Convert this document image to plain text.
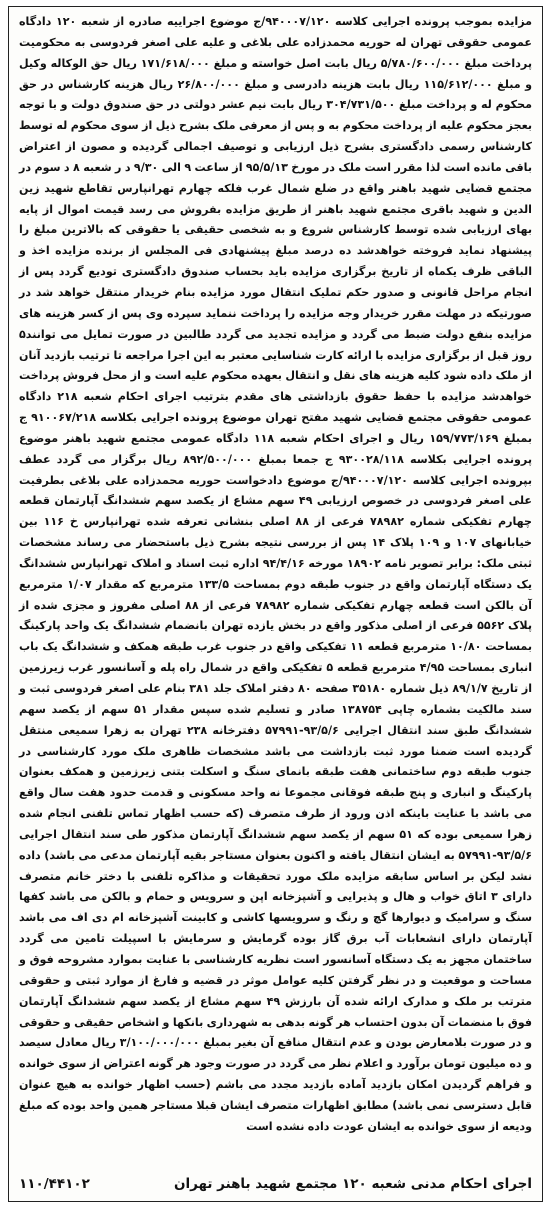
مزایده بموجب پرونده اجرایی کلاسه ۹۴۰۰۰۷/۱۲۰/ج موضوع اجراییه صادره از شعبه ۱۲۰ دادگاه عمومی حقوقی تهران له حوریه محمدزاده علی بلاغی و علیه علی اصغر فردوسی به محکومیت پرداخت مبلغ ۵/۷۸۰/۶۰۰/۰۰۰ ریال بابت اصل خواسته و مبلغ ۱۷۱/۶۱۸/۰۰۰ ریال حق الوکاله وکیل و مبلغ ۱۱۵/۶۱۲/۰۰۰ ریال بابت هزینه دادرسی و مبلغ ۲۶/۸۰۰/۰۰۰ ریال هزینه کارشناس در حق محکوم له و پرداخت مبلغ ۳۰۴/۷۳۱/۵۰۰ ریال بابت نیم عشر دولتی در حق صندوق دولت و با توجه بعجز محکوم علیه از پرداخت محکوم به و پس از معرفی ملک بشرح ذیل از سوی محکوم له توسط کارشناس رسمی دادگستری بشرح ذیل ارزیابی و توصیف اجمالی گردیده و مصون از اعتراض باقی مانده است لذا مقرر است ملک در مورخ ۹۵/۵/۱۳ از ساعت ۹ الی ۹/۳۰ د ر شعبه ۸ د سوم در مجتمع قضایی شهید باهنر واقع در ضلع شمال غرب فلکه چهارم تهرانپارس تقاطع شهید زین الدین و شهید باقری مجتمع شهید باهنر از طریق مزایده بفروش می رسد قیمت اموال از پایه بهای ارزیابی شده توسط کارشناس شروع و به شخصی حقیقی یا حقوقی که بالاترین مبلغ را پیشنهاد نماید فروخته خواهدشد ده درصد مبلغ پیشنهادی فی المجلس از برنده مزایده اخذ و الباقی ظرف یکماه از تاریخ برگزاری مزایده باید بحساب صندوق دادگستری تودیع گردد پس از انجام مراحل قانونی و صدور حکم تملیک انتقال مورد مزایده بنام خریدار منتقل خواهد شد در صورتیکه در مهلت مقرر خریدار وجه مزایده را پرداخت ننماید سپرده وی پس از کسر هزینه های مزایده بنفع دولت ضبط می گردد و مزایده تجدید می گردد طالبین در صورت تمایل می توانند۵ روز قبل از برگزاری مزایده با ارائه کارت شناسایی معتبر به این اجرا مراجعه تا ترتیب بازدید آنان از ملک داده شود کلیه هزینه های نقل و انتقال بعهده محکوم علیه است و از محل فروش پرداخت خواهدشد مزایده با حفظ حقوق بازداشتی های مقدم بترتیب اجرای احکام شعبه ۲۱۸ دادگاه عمومی حقوقی مجتمع قضایی شهید مفتح تهران موضوع پرونده اجرایی بکلاسه ۹۱۰۰۶۷/۲۱۸ ج بمبلغ ۱۵۹/۷۷۳/۱۶۹ ریال و اجرای احکام شعبه ۱۱۸ دادگاه عمومی مجتمع شهید باهنر موضوع پرونده اجرایی بکلاسه ۹۳۰۰۲۸/۱۱۸ ج جمعا بمبلغ ۸۹۲/۵۰۰/۰۰۰ ریال برگزار می گردد عطف بپرونده اجرایی کلاسه ۹۴۰۰۰۷/۱۲۰/ج موضوع دادخواست حوریه محمدزاده علی بلاغی بطرفیت علی اصغر فردوسی در خصوص ارزیابی ۴۹ سهم مشاع از یکصد سهم ششدانگ آپارتمان قطعه چهارم تفکیکی شماره ۷۸۹۸۲ فرعی از ۸۸ اصلی بنشانی تعرفه شده تهرانپارس خ ۱۱۶ بین خیابانهای ۱۰۷ و ۱۰۹ پلاک ۱۴ پس از بررسی نتیجه بشرح ذیل باستحضار می رساند مشخصات ثبتی ملک: برابر تصویر نامه ۱۸۹۰۲ مورخه ۹۴/۴/۱۶ اداره ثبت اسناد و املاک تهرانپارس ششدانگ یک دستگاه آپارتمان واقع در جنوب طبقه دوم بمساحت ۱۳۳/۵ مترمربع که مقدار ۱/۰۷ مترمربع آن بالکن است قطعه چهارم تفکیکی شماره ۷۸۹۸۲ فرعی از ۸۸ اصلی مفروز و مجزی شده از پلاک ۵۵۶۲ فرعی از اصلی مذکور واقع در بخش یازده تهران بانضمام ششدانگ یک واحد پارکینگ بمساحت ۱۰/۸۰ مترمربع قطعه ۱۱ تفکیکی واقع در جنوب غرب طبقه همکف و ششدانگ یک باب انباری بمساحت ۴/۹۵ مترمربع قطعه ۵ تفکیکی واقع در شمال راه پله و آسانسور غرب زیرزمین از تاریخ ۸۹/۱/۷ ذیل شماره ۳۵۱۸۰ صفحه ۸۰ دفتر املاک جلد ۳۸۱ بنام علی اصغر فردوسی ثبت و سند مالکیت بشماره چاپی ۱۳۸۷۵۴ صادر و تسلیم شده سپس مقدار ۵۱ سهم از یکصد سهم ششدانگ طبق سند انتقال اجرایی ۹۳/۵/۶-۵۷۹۹۱ دفترخانه ۲۳۸ تهران به زهرا سمیعی منتقل گردیده است ضمنا مورد ثبت بازداشت می باشد مشخصات ظاهری ملک مورد کارشناسی در جنوب طبقه دوم ساختمانی هفت طبقه بانمای سنگ و اسکلت بتنی زیرزمین و همکف بعنوان پارکینگ و انباری و پنج طبقه فوقانی مجموعا نه واحد مسکونی و قدمت حدود هفت سال واقع می باشد با عنایت باینکه اذن ورود از طرف متصرف (که حسب اظهار تماس تلفنی انجام شده زهرا سمیعی بوده که ۵۱ سهم از یکصد سهم ششدانگ آپارتمان مذکور طی سند انتقال اجرایی ۹۳/۵/۶-۵۷۹۹۱ به ایشان انتقال یافته و اکنون بعنوان مستاجر بقیه آپارتمان مدعی می باشد) داده نشد لیکن بر اساس سابقه مزایده ملک مورد تحقیقات و مذاکره تلفنی با دختر خانم متصرف دارای ۳ اتاق خواب و هال و پذیرایی و آشپزخانه اپن و سرویس و حمام و بالکن می باشد کفها سنگ و سرامیک و دیوارها گچ و رنگ و سرویسها کاشی و کابینت آشپزخانه ام دی اف می باشد آپارتمان دارای انشعابات آب برق گاز بوده گرمایش و سرمایش با اسپیلت تامین می گردد ساختمان مجهز به یک دستگاه آسانسور است نظریه کارشناسی با عنایت بموارد مشروحه فوق و مساحت و موقعیت و در نظر گرفتن کلیه عوامل موثر در قضیه و فارغ از موارد ثبتی و حقوقی مترتب بر ملک و مدارک ارائه شده آن بارزش ۴۹ سهم مشاع از یکصد سهم ششدانگ آپارتمان فوق با منضمات آن بدون احتساب هر گونه بدهی به شهرداری بانکها و اشخاص حقیقی و حقوقی و در صورت بلامعارض بودن و عدم انتقال منافع آن بغیر بمبلغ ۳/۱۰۰/۰۰۰/۰۰۰ ریال معادل سیصد و ده میلیون تومان برآورد و اعلام نظر می گردد در صورت وجود هر گونه اعتراض از سوی خوانده و فراهم گردیدن امکان بازدید آماده بازدید مجدد می باشم (حسب اظهار خوانده به هیچ عنوان قابل دسترسی نمی باشد) مطابق اظهارات متصرف ایشان قبلا مستاجر همین واحد بوده که مبلغ ودیعه از سوی خوانده به ایشان عودت داده نشده است

اجرای احکام مدنی شعبه ۱۲۰ مجتمع شهید باهنر تهران
۱۱۰/۴۴۱۰۲
